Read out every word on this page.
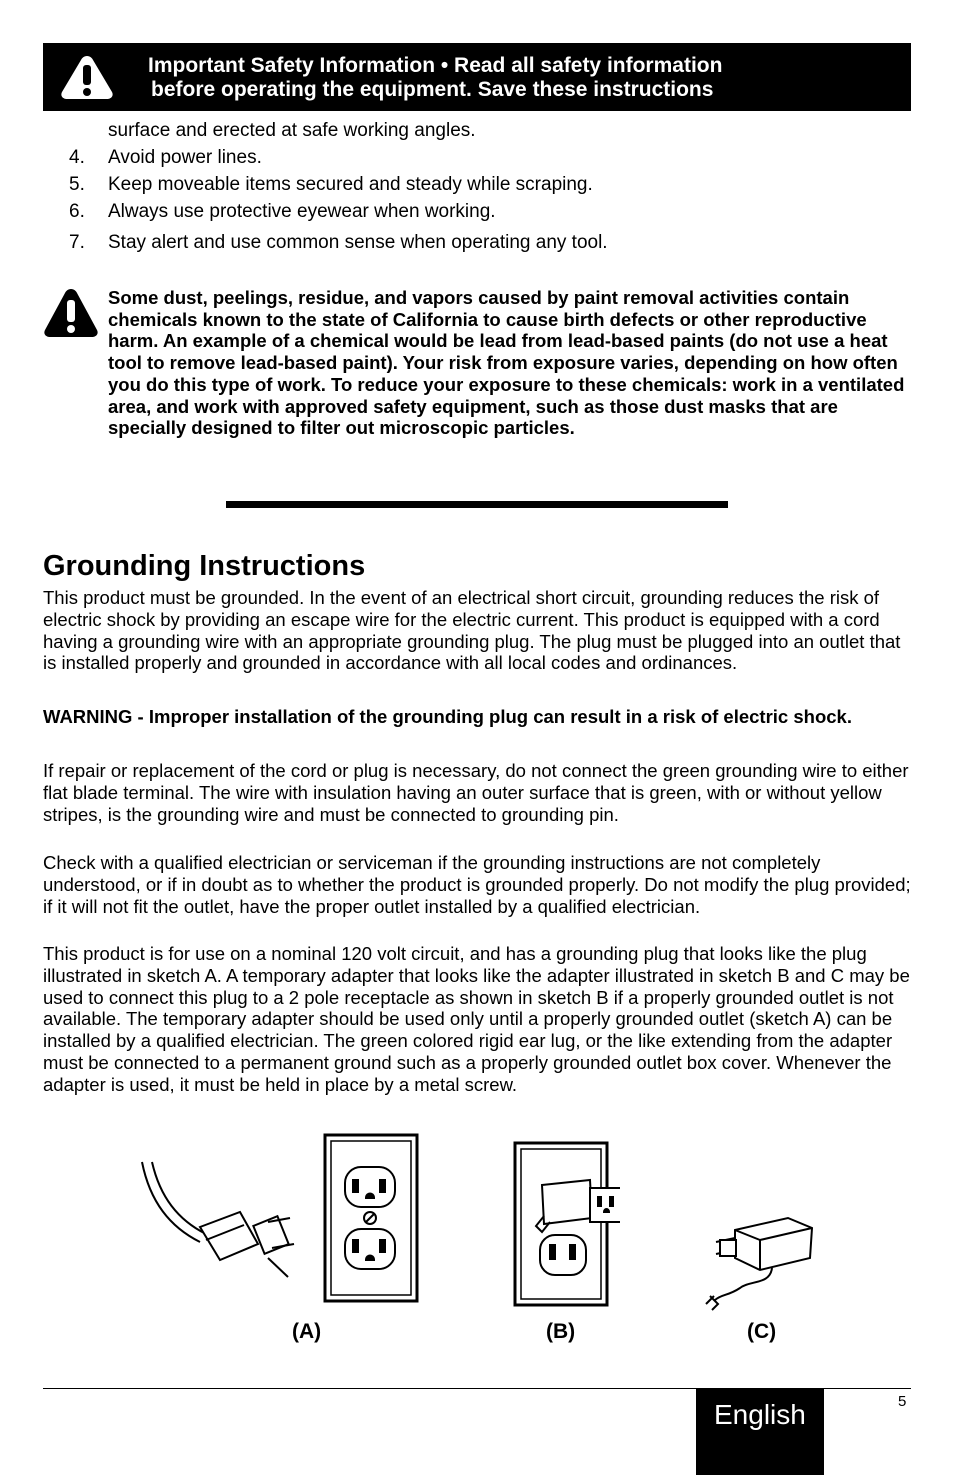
Important Safety Information • Read all safety information
before operating the equipment. Save these instructions
surface and erected at safe working angles.
4. Avoid power lines.
5. Keep moveable items secured and steady while scraping.
6. Always use protective eyewear when working.
7. Stay alert and use common sense when operating any tool.
Some dust, peelings, residue, and vapors caused by paint removal activities contain chemicals known to the state of California to cause birth defects or other reproductive harm. An example of a chemical would be lead from lead-based paints (do not use a heat tool to remove lead-based paint). Your risk from exposure varies, depending on how often you do this type of work. To reduce your exposure to these chemicals: work in a ventilated area, and work with approved safety equipment, such as those dust masks that are specially designed to filter out microscopic particles.
Grounding Instructions

This product must be grounded. In the event of an electrical short circuit, grounding reduces the risk of electric shock by providing an escape wire for the electric current. This product is equipped with a cord having a grounding wire with an appropriate grounding plug. The plug must be plugged into an outlet that is installed properly and grounded in accordance with all local codes and ordinances.

WARNING - Improper installation of the grounding plug can result in a risk of electric shock.

If repair or replacement of the cord or plug is necessary, do not connect the green grounding wire to either flat blade terminal. The wire with insulation having an outer surface that is green, with or without yellow stripes, is the grounding wire and must be connected to grounding pin.

Check with a qualified electrician or serviceman if the grounding instructions are not completely understood, or if in doubt as to whether the product is grounded properly. Do not modify the plug provided; if it will not fit the outlet, have the proper outlet installed by a qualified electrician.

This product is for use on a nominal 120 volt circuit, and has a grounding plug that looks like the plug illustrated in sketch A. A temporary adapter that looks like the adapter illustrated in sketch B and C may be used to connect this plug to a 2 pole receptacle as shown in sketch B if a properly grounded outlet is not available. The temporary adapter should be used only until a properly grounded outlet (sketch A) can be installed by a qualified electrician. The green colored rigid ear lug, or the like extending from the adapter must be connected to a permanent ground such as a properly grounded outlet box cover. Whenever the adapter is used, it must be held in place by a metal screw.

(A)	(B)	(C)
English	5
